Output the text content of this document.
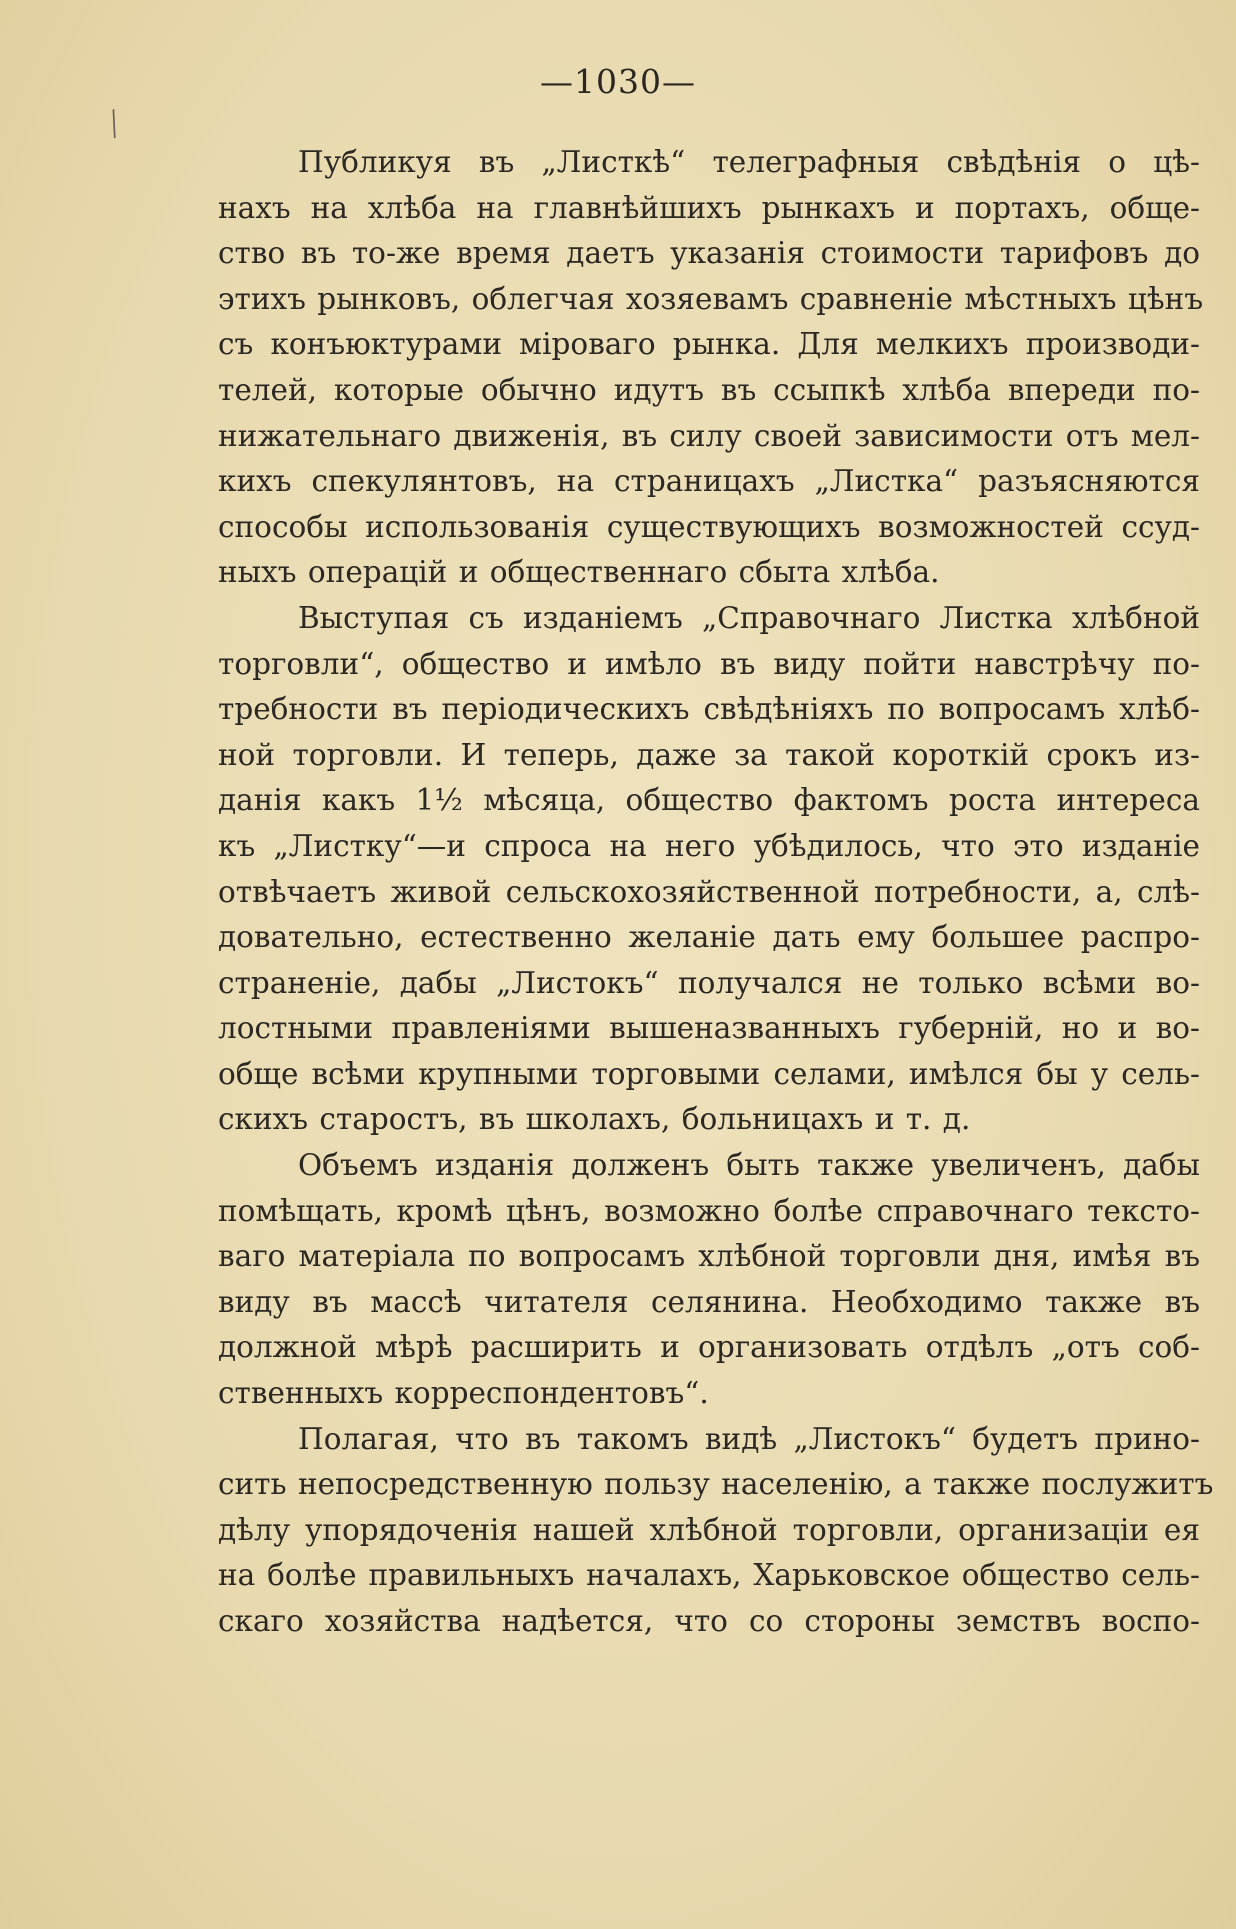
╱
—1030—
Публикуя въ „Листкѣ“ телеграфныя свѣдѣнія о цѣ-
нахъ на хлѣба на главнѣйшихъ рынкахъ и портахъ, обще-
ство въ то-же время даетъ указанія стоимости тарифовъ до
этихъ рынковъ, облегчая хозяевамъ сравненіе мѣстныхъ цѣнъ
съ конъюктурами міроваго рынка. Для мелкихъ производи-
телей, которые обычно идутъ въ ссыпкѣ хлѣба впереди по-
нижательнаго движенія, въ силу своей зависимости отъ мел-
кихъ спекулянтовъ, на страницахъ „Листка“ разъясняются
способы использованія существующихъ возможностей ссуд-
ныхъ операцій и общественнаго сбыта хлѣба.
Выступая съ изданіемъ „Справочнаго Листка хлѣбной
торговли“, общество и имѣло въ виду пойти навстрѣчу по-
требности въ періодическихъ свѣдѣніяхъ по вопросамъ хлѣб-
ной торговли. И теперь, даже за такой короткій срокъ из-
данія какъ 1½ мѣсяца, общество фактомъ роста интереса
къ „Листку“—и спроса на него убѣдилось, что это изданіе
отвѣчаетъ живой сельскохозяйственной потребности, а, слѣ-
довательно, естественно желаніе дать ему большее распро-
страненіе, дабы „Листокъ“ получался не только всѣми во-
лостными правленіями вышеназванныхъ губерній, но и во-
обще всѣми крупными торговыми селами, имѣлся бы у сель-
скихъ старостъ, въ школахъ, больницахъ и т. д.
Объемъ изданія долженъ быть также увеличенъ, дабы
помѣщать, кромѣ цѣнъ, возможно болѣе справочнаго тексто-
ваго матеріала по вопросамъ хлѣбной торговли дня, имѣя въ
виду въ массѣ читателя селянина. Необходимо также въ
должной мѣрѣ расширить и организовать отдѣлъ „отъ соб-
ственныхъ корреспондентовъ“.
Полагая, что въ такомъ видѣ „Листокъ“ будетъ прино-
сить непосредственную пользу населенію, а также послужитъ
дѣлу упорядоченія нашей хлѣбной торговли, организаціи ея
на болѣе правильныхъ началахъ, Харьковское общество сель-
скаго хозяйства надѣется, что со стороны земствъ воспо-
